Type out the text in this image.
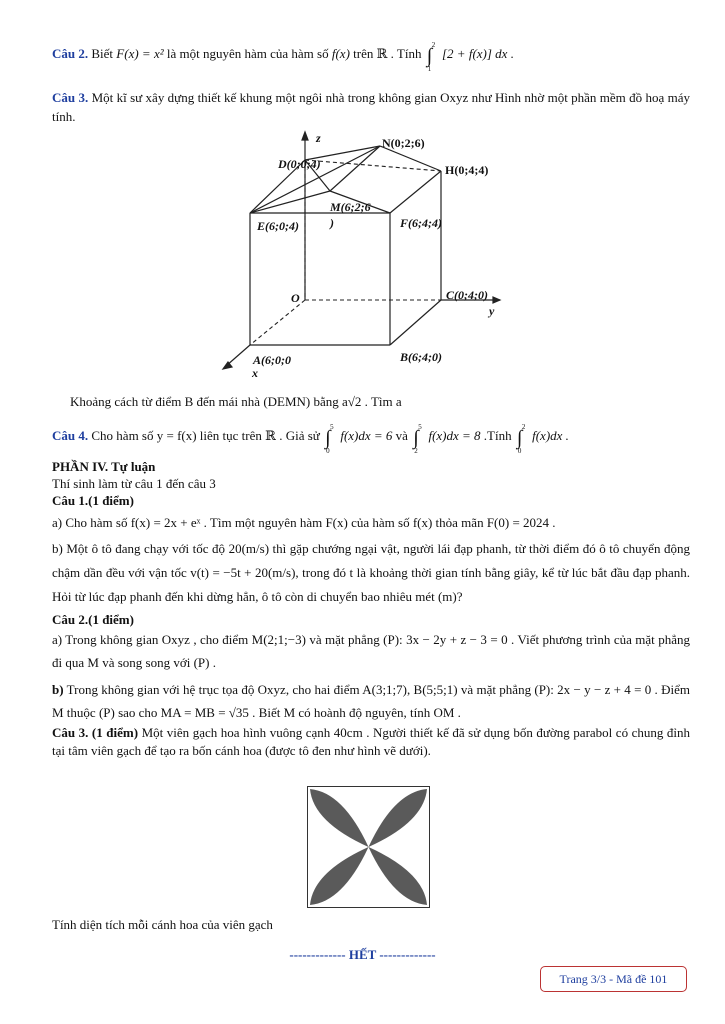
Câu 2. Biết F(x) = x² là một nguyên hàm của hàm số f(x) trên ℝ . Tính ∫ 2
1
[2 + f(x)] dx .
Câu 3. Một kĩ sư xây dựng thiết kế khung một ngôi nhà trong không gian Oxyz như Hình nhờ một phần mềm đồ hoạ máy tính.
z	N(0;2;6)
D(0;0;4)	H(0;4;4)
M(6;2;6
)
E(6;0;4)	F(6;4;4)
O	C(0;4;0)
y
A(6;0;0
x
B(6;4;0)
Khoảng cách từ điểm B đến mái nhà (DEMN) bằng a√2 . Tìm a
Câu 4. Cho hàm số y = f(x) liên tục trên ℝ . Giả sử ∫ 5
0
f(x)dx = 6 và ∫ 5
2
f(x)dx = 8 .Tính ∫ 2
0
f(x)dx .
PHẦN IV. Tự luận
Thí sinh làm từ câu 1 đến câu 3
Câu 1.(1 điểm)
a) Cho hàm số f(x) = 2x + eˣ . Tìm một nguyên hàm F(x) của hàm số f(x) thỏa mãn F(0) = 2024 .
b) Một ô tô đang chạy với tốc độ 20(m/s) thì gặp chướng ngại vật, người lái đạp phanh, từ thời điểm đó ô tô chuyển động chậm dần đều với vận tốc v(t) = −5t + 20(m/s), trong đó t là khoảng thời gian tính bằng giây, kể từ lúc bắt đầu đạp phanh. Hỏi từ lúc đạp phanh đến khi dừng hẳn, ô tô còn di chuyển bao nhiêu mét (m)?
Câu 2.(1 điểm)
a) Trong không gian Oxyz , cho điểm M(2;1;−3) và mặt phẳng (P): 3x − 2y + z − 3 = 0 . Viết phương trình của mặt phẳng đi qua M và song song với (P) .
b) Trong không gian với hệ trục tọa độ Oxyz, cho hai điểm A(3;1;7), B(5;5;1) và mặt phẳng (P): 2x − y − z + 4 = 0 . Điểm M thuộc (P) sao cho MA = MB = √35 . Biết M có hoành độ nguyên, tính OM .
Câu 3. (1 điểm) Một viên gạch hoa hình vuông cạnh 40cm . Người thiết kế đã sử dụng bốn đường parabol có chung đỉnh tại tâm viên gạch để tạo ra bốn cánh hoa (được tô đen như hình vẽ dưới).
Tính diện tích mỗi cánh hoa của viên gạch
------------- HẾT -------------
Trang 3/3 - Mã đề 101
